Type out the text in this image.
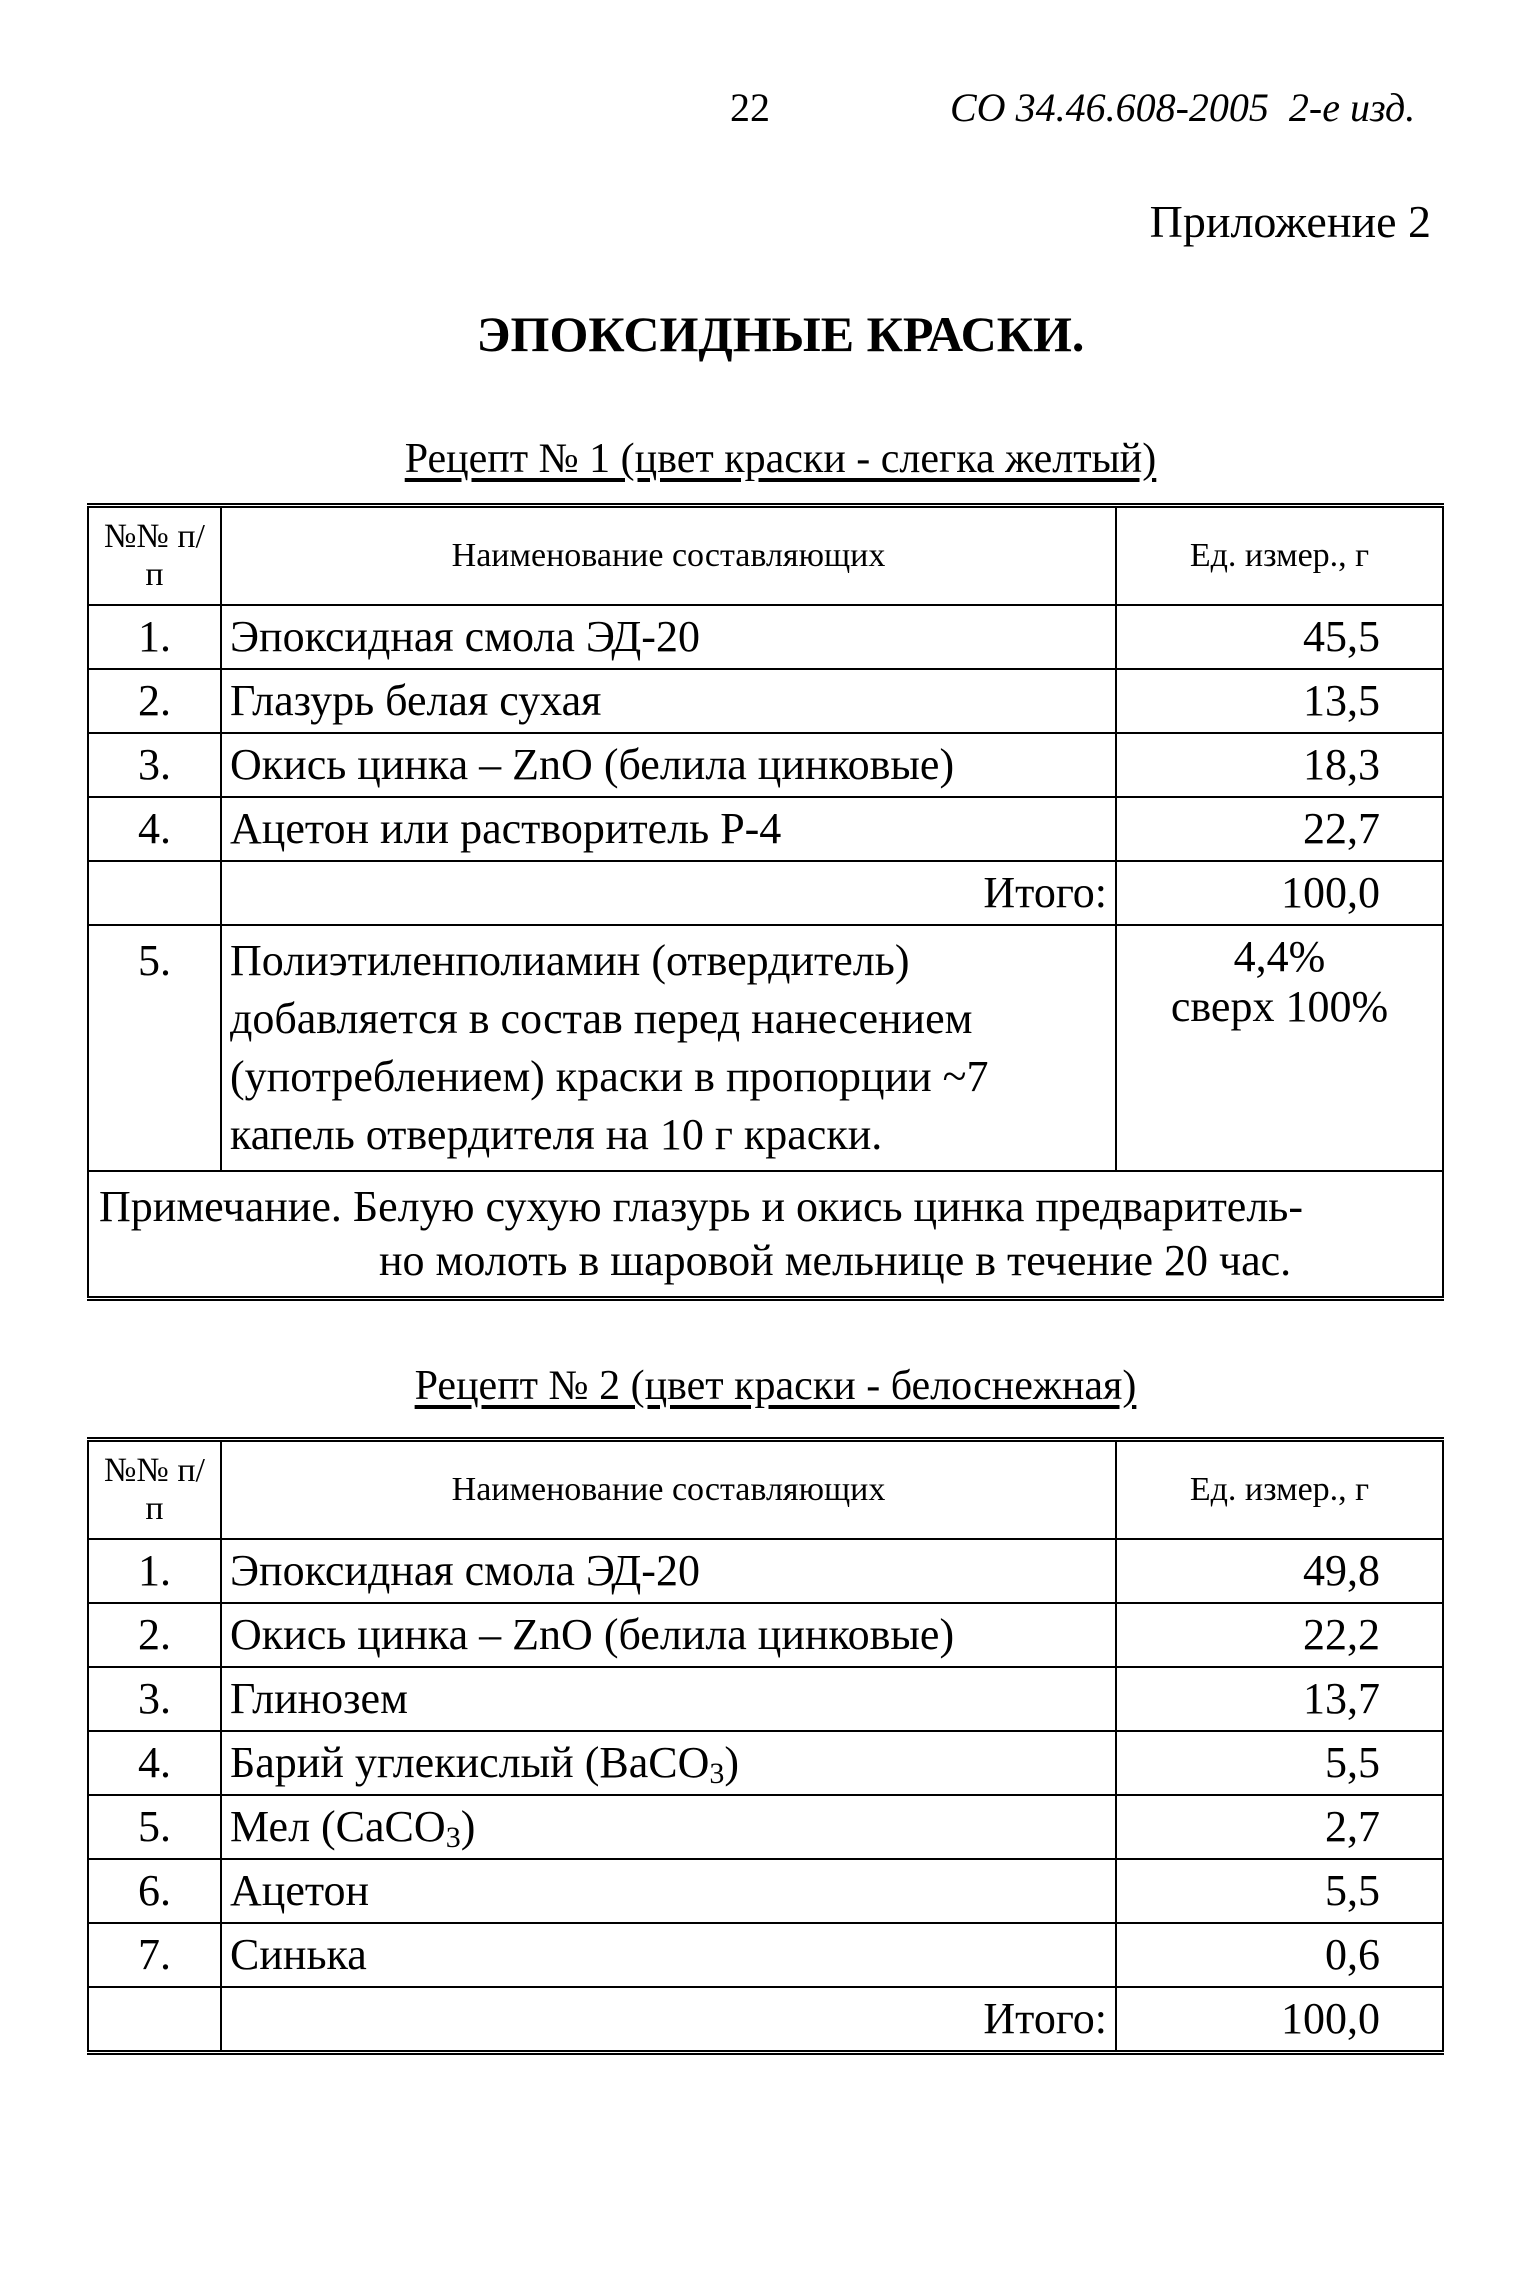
22	СО 34.46.608-2005  2-е изд.
Приложение 2
ЭПОКСИДНЫЕ КРАСКИ.
Рецепт № 1 (цвет краски - слегка желтый)
№№ п/п	Наименование составляющих	Ед. измер., г
1.	Эпоксидная смола ЭД-20	45,5
2.	Глазурь белая сухая	13,5
3.	Окись цинка – ZnO (белила цинковые)	18,3
4.	Ацетон или растворитель Р-4	22,7
	Итого:	100,0
5.	Полиэтиленполиамин (отвердитель) добавляется в состав перед нанесением (употреблением) краски в пропорции ~7 капель отвердителя на 10 г краски.	4,4%
сверх 100%

Примечание. Белую сухую глазурь и окись цинка предваритель-
но молоть в шаровой мельнице в течение 20 час.		
Рецепт № 2 (цвет краски - белоснежная)
№№ п/п	Наименование составляющих	Ед. измер., г
1.	Эпоксидная смола ЭД-20	49,8
2.	Окись цинка – ZnO (белила цинковые)	22,2
3.	Глинозем	13,7
4.	Барий углекислый (BaCO$_3$)	5,5
5.	Мел (CaCO$_3$)	2,7
6.	Ацетон	5,5
7.	Синька	0,6
	Итого:	100,0
